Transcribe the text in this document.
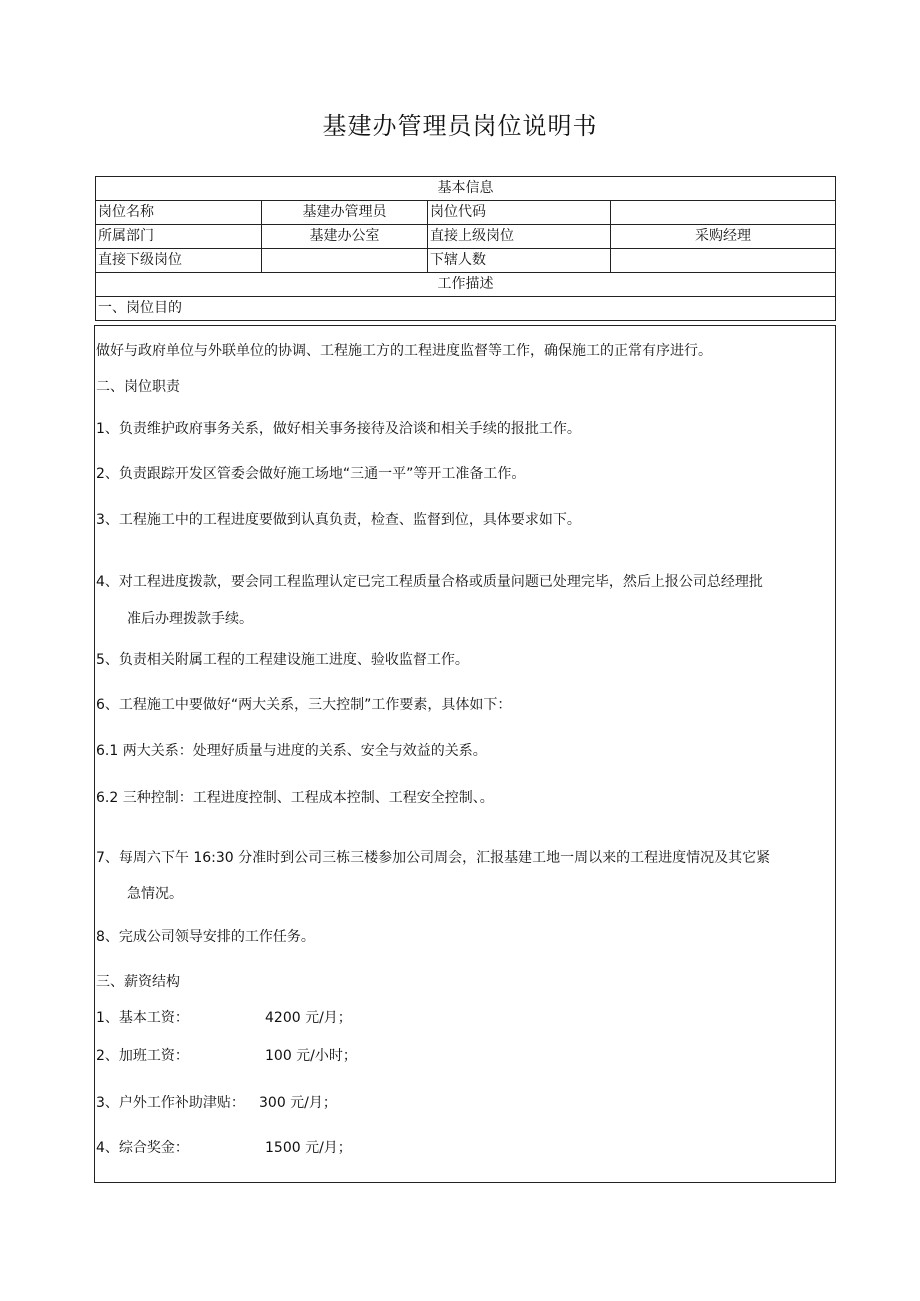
基建办管理员岗位说明书
基本信息			
岗位名称	基建办管理员	岗位代码	
所属部门	基建办公室	直接上级岗位	采购经理
直接下级岗位		下辖人数	
工作描述			
一、岗位目的			
做好与政府单位与外联单位的协调、工程施工方的工程进度监督等工作，确保施工的正常有序进行。
二、岗位职责
1、负责维护政府事务关系，做好相关事务接待及洽谈和相关手续的报批工作。
2、负责跟踪开发区管委会做好施工场地“三通一平”等开工准备工作。
3、工程施工中的工程进度要做到认真负责，检查、监督到位，具体要求如下。
4、对工程进度拨款，要会同工程监理认定已完工程质量合格或质量问题已处理完毕，然后上报公司总经理批
准后办理拨款手续。
5、负责相关附属工程的工程建设施工进度、验收监督工作。
6、工程施工中要做好“两大关系，三大控制”工作要素，具体如下：
6.1 两大关系：处理好质量与进度的关系、安全与效益的关系。
6.2 三种控制：工程进度控制、工程成本控制、工程安全控制、。
7、每周六下午 16:30 分准时到公司三栋三楼参加公司周会，汇报基建工地一周以来的工程进度情况及其它紧
急情况。
8、完成公司领导安排的工作任务。
三、薪资结构
1、基本工资：	4200 元/月；
2、加班工资：	100 元/小时；
3、户外工作补助津贴： 300 元/月；
4、综合奖金：	1500 元/月；
